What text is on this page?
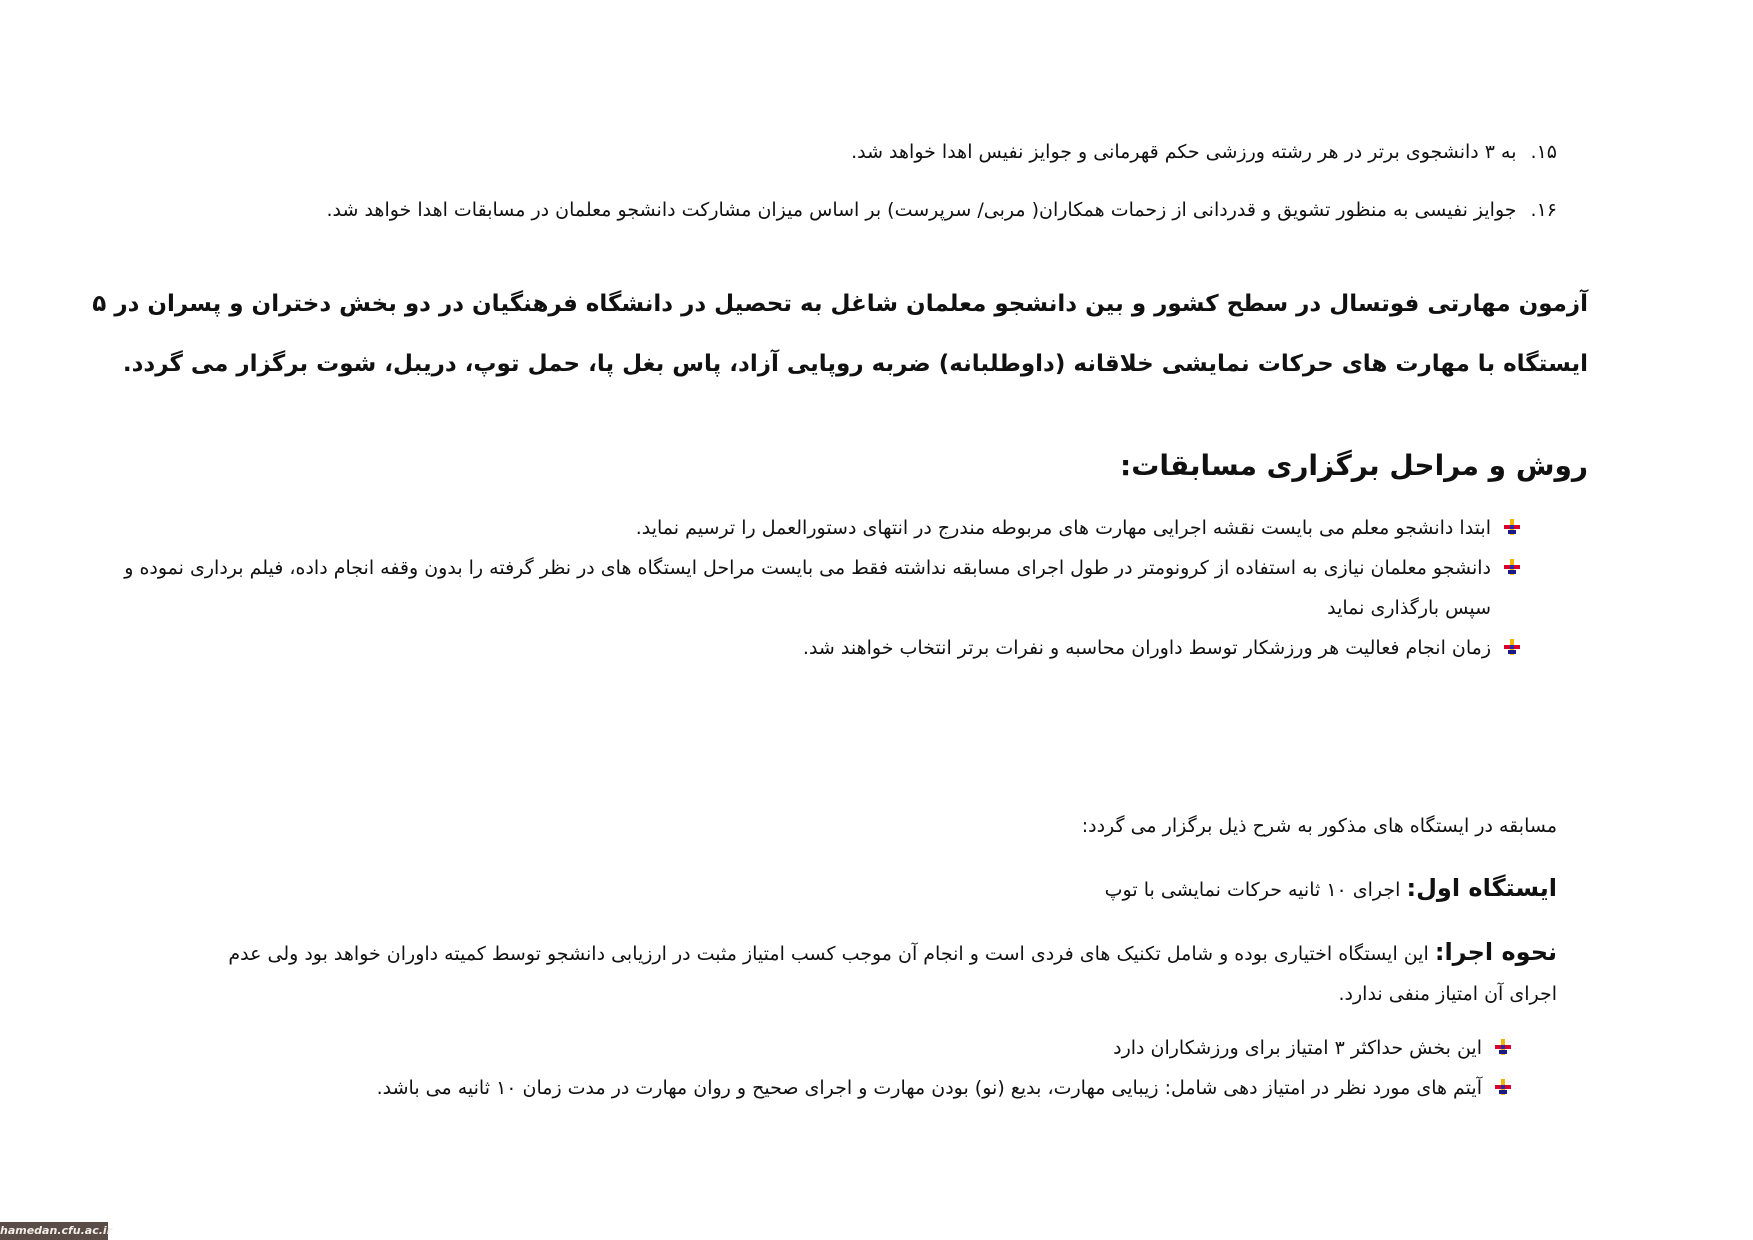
۱۵.به ۳ دانشجوی برتر در هر رشته ورزشی حکم قهرمانی و جوایز نفیس اهدا خواهد شد.
۱۶.جوایز نفیسی به منظور تشویق و قدردانی از زحمات همکاران( مربی/ سرپرست) بر اساس میزان مشارکت دانشجو معلمان در مسابقات اهدا خواهد شد.
آزمون مهارتی فوتسال در سطح کشور و بین دانشجو معلمان شاغل به تحصیل در دانشگاه فرهنگیان در دو بخش دختران و پسران در ۵ ایستگاه با مهارت های حرکات نمایشی خلاقانه (داوطلبانه) ضربه روپایی آزاد، پاس بغل پا، حمل توپ، دریبل، شوت برگزار می گردد.
روش و مراحل برگزاری مسابقات:
ابتدا دانشجو معلم می بایست نقشه اجرایی مهارت های مربوطه مندرج در انتهای دستورالعمل را ترسیم نماید.
دانشجو معلمان نیازی به استفاده از کرونومتر در طول اجرای مسابقه نداشته فقط می بایست مراحل ایستگاه های در نظر گرفته را بدون وقفه انجام داده، فیلم برداری نموده و سپس بارگذاری نماید
زمان انجام فعالیت هر ورزشکار توسط داوران محاسبه و نفرات برتر انتخاب خواهند شد.
مسابقه در ایستگاه های مذکور به شرح ذیل برگزار می گردد:
ایستگاه اول: اجرای ۱۰ ثانیه حرکات نمایشی با توپ
نحوه اجرا: این ایستگاه اختیاری بوده و شامل تکنیک های فردی است و انجام آن موجب کسب امتیاز مثبت در ارزیابی دانشجو توسط کمیته داوران خواهد بود ولی عدم اجرای آن امتیاز منفی ندارد.
این بخش حداکثر ۳ امتیاز برای ورزشکاران دارد
آیتم های مورد نظر در امتیاز دهی شامل: زیبایی مهارت، بدیع (نو) بودن مهارت و اجرای صحیح و روان مهارت در مدت زمان ۱۰ ثانیه می باشد.
hamedan.cfu.ac.ir
